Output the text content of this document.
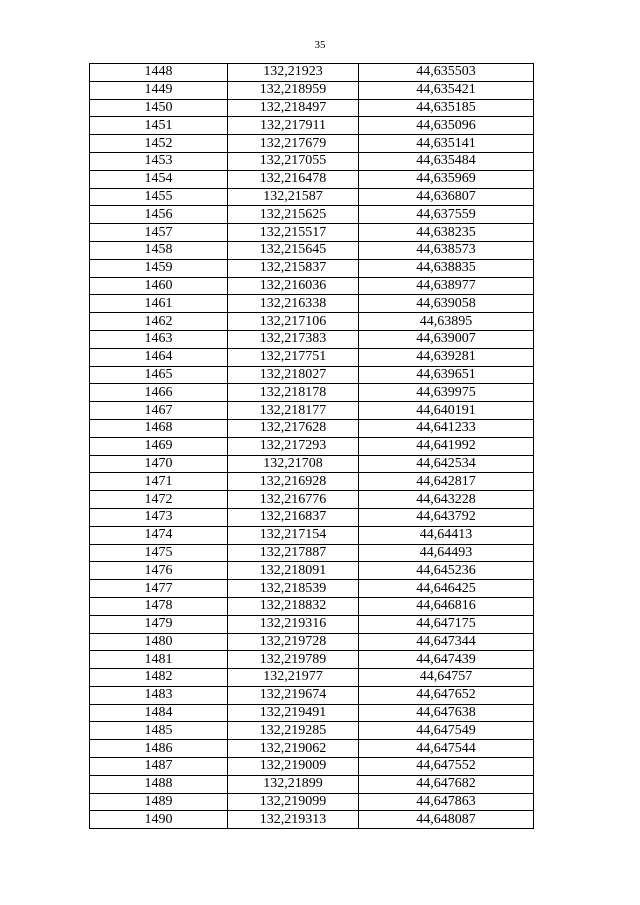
35
1448	132,21923	44,635503
1449	132,218959	44,635421
1450	132,218497	44,635185
1451	132,217911	44,635096
1452	132,217679	44,635141
1453	132,217055	44,635484
1454	132,216478	44,635969
1455	132,21587	44,636807
1456	132,215625	44,637559
1457	132,215517	44,638235
1458	132,215645	44,638573
1459	132,215837	44,638835
1460	132,216036	44,638977
1461	132,216338	44,639058
1462	132,217106	44,63895
1463	132,217383	44,639007
1464	132,217751	44,639281
1465	132,218027	44,639651
1466	132,218178	44,639975
1467	132,218177	44,640191
1468	132,217628	44,641233
1469	132,217293	44,641992
1470	132,21708	44,642534
1471	132,216928	44,642817
1472	132,216776	44,643228
1473	132,216837	44,643792
1474	132,217154	44,64413
1475	132,217887	44,64493
1476	132,218091	44,645236
1477	132,218539	44,646425
1478	132,218832	44,646816
1479	132,219316	44,647175
1480	132,219728	44,647344
1481	132,219789	44,647439
1482	132,21977	44,64757
1483	132,219674	44,647652
1484	132,219491	44,647638
1485	132,219285	44,647549
1486	132,219062	44,647544
1487	132,219009	44,647552
1488	132,21899	44,647682
1489	132,219099	44,647863
1490	132,219313	44,648087
